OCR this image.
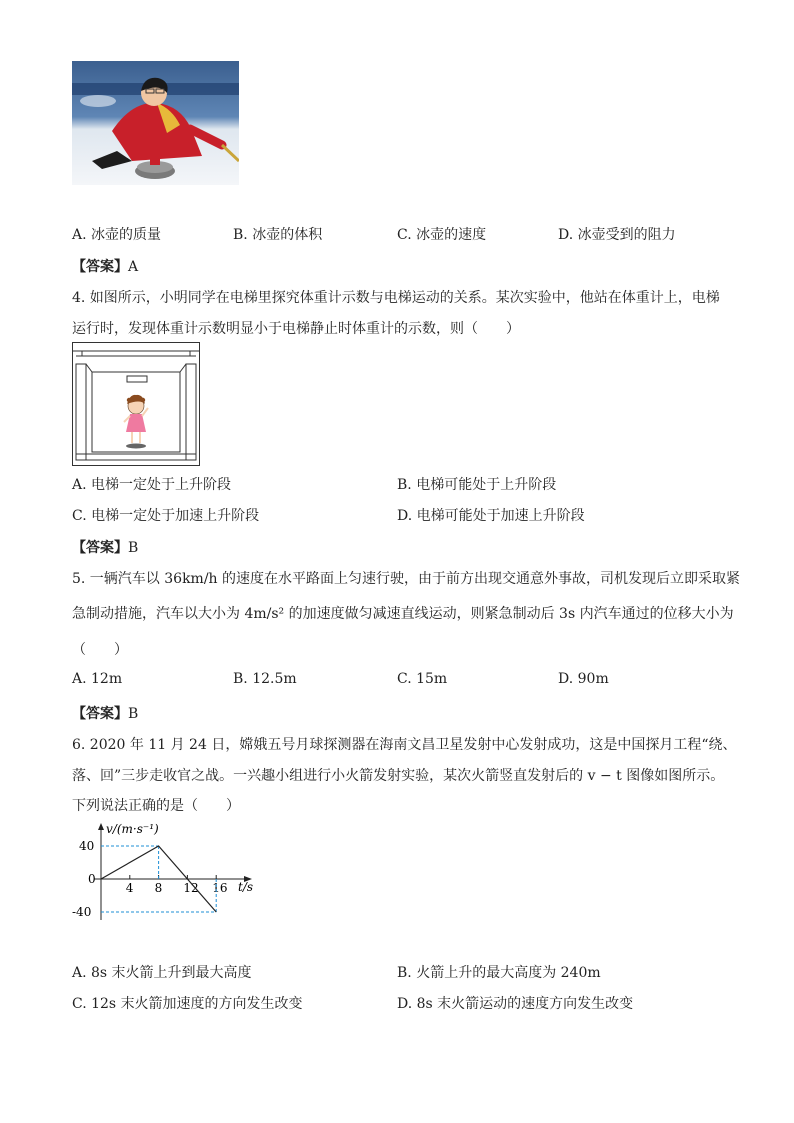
A. 冰壶的质量	B. 冰壶的体积	C. 冰壶的速度	D. 冰壶受到的阻力
【答案】A
4. 如图所示，小明同学在电梯里探究体重计示数与电梯运动的关系。某次实验中，他站在体重计上，电梯
运行时，发现体重计示数明显小于电梯静止时体重计的示数，则（　　）
A. 电梯一定处于上升阶段	B. 电梯可能处于上升阶段
C. 电梯一定处于加速上升阶段	D. 电梯可能处于加速上升阶段
【答案】B
5. 一辆汽车以 36km/h 的速度在水平路面上匀速行驶，由于前方出现交通意外事故，司机发现后立即采取紧
急制动措施，汽车以大小为 4m/s² 的加速度做匀减速直线运动，则紧急制动后 3s 内汽车通过的位移大小为
（　　）
A. 12m	B. 12.5m	C. 15m	D. 90m
【答案】B
6. 2020 年 11 月 24 日，嫦娥五号月球探测器在海南文昌卫星发射中心发射成功，这是中国探月工程“绕、
落、回”三步走收官之战。一兴趣小组进行小火箭发射实验，某次火箭竖直发射后的 v − t 图像如图所示。
下列说法正确的是（　　）
v/(m·s⁻¹)
t/s
4 8 12 16
40
0
-40
A. 8s 末火箭上升到最大高度	B. 火箭上升的最大高度为 240m
C. 12s 末火箭加速度的方向发生改变	D. 8s 末火箭运动的速度方向发生改变
